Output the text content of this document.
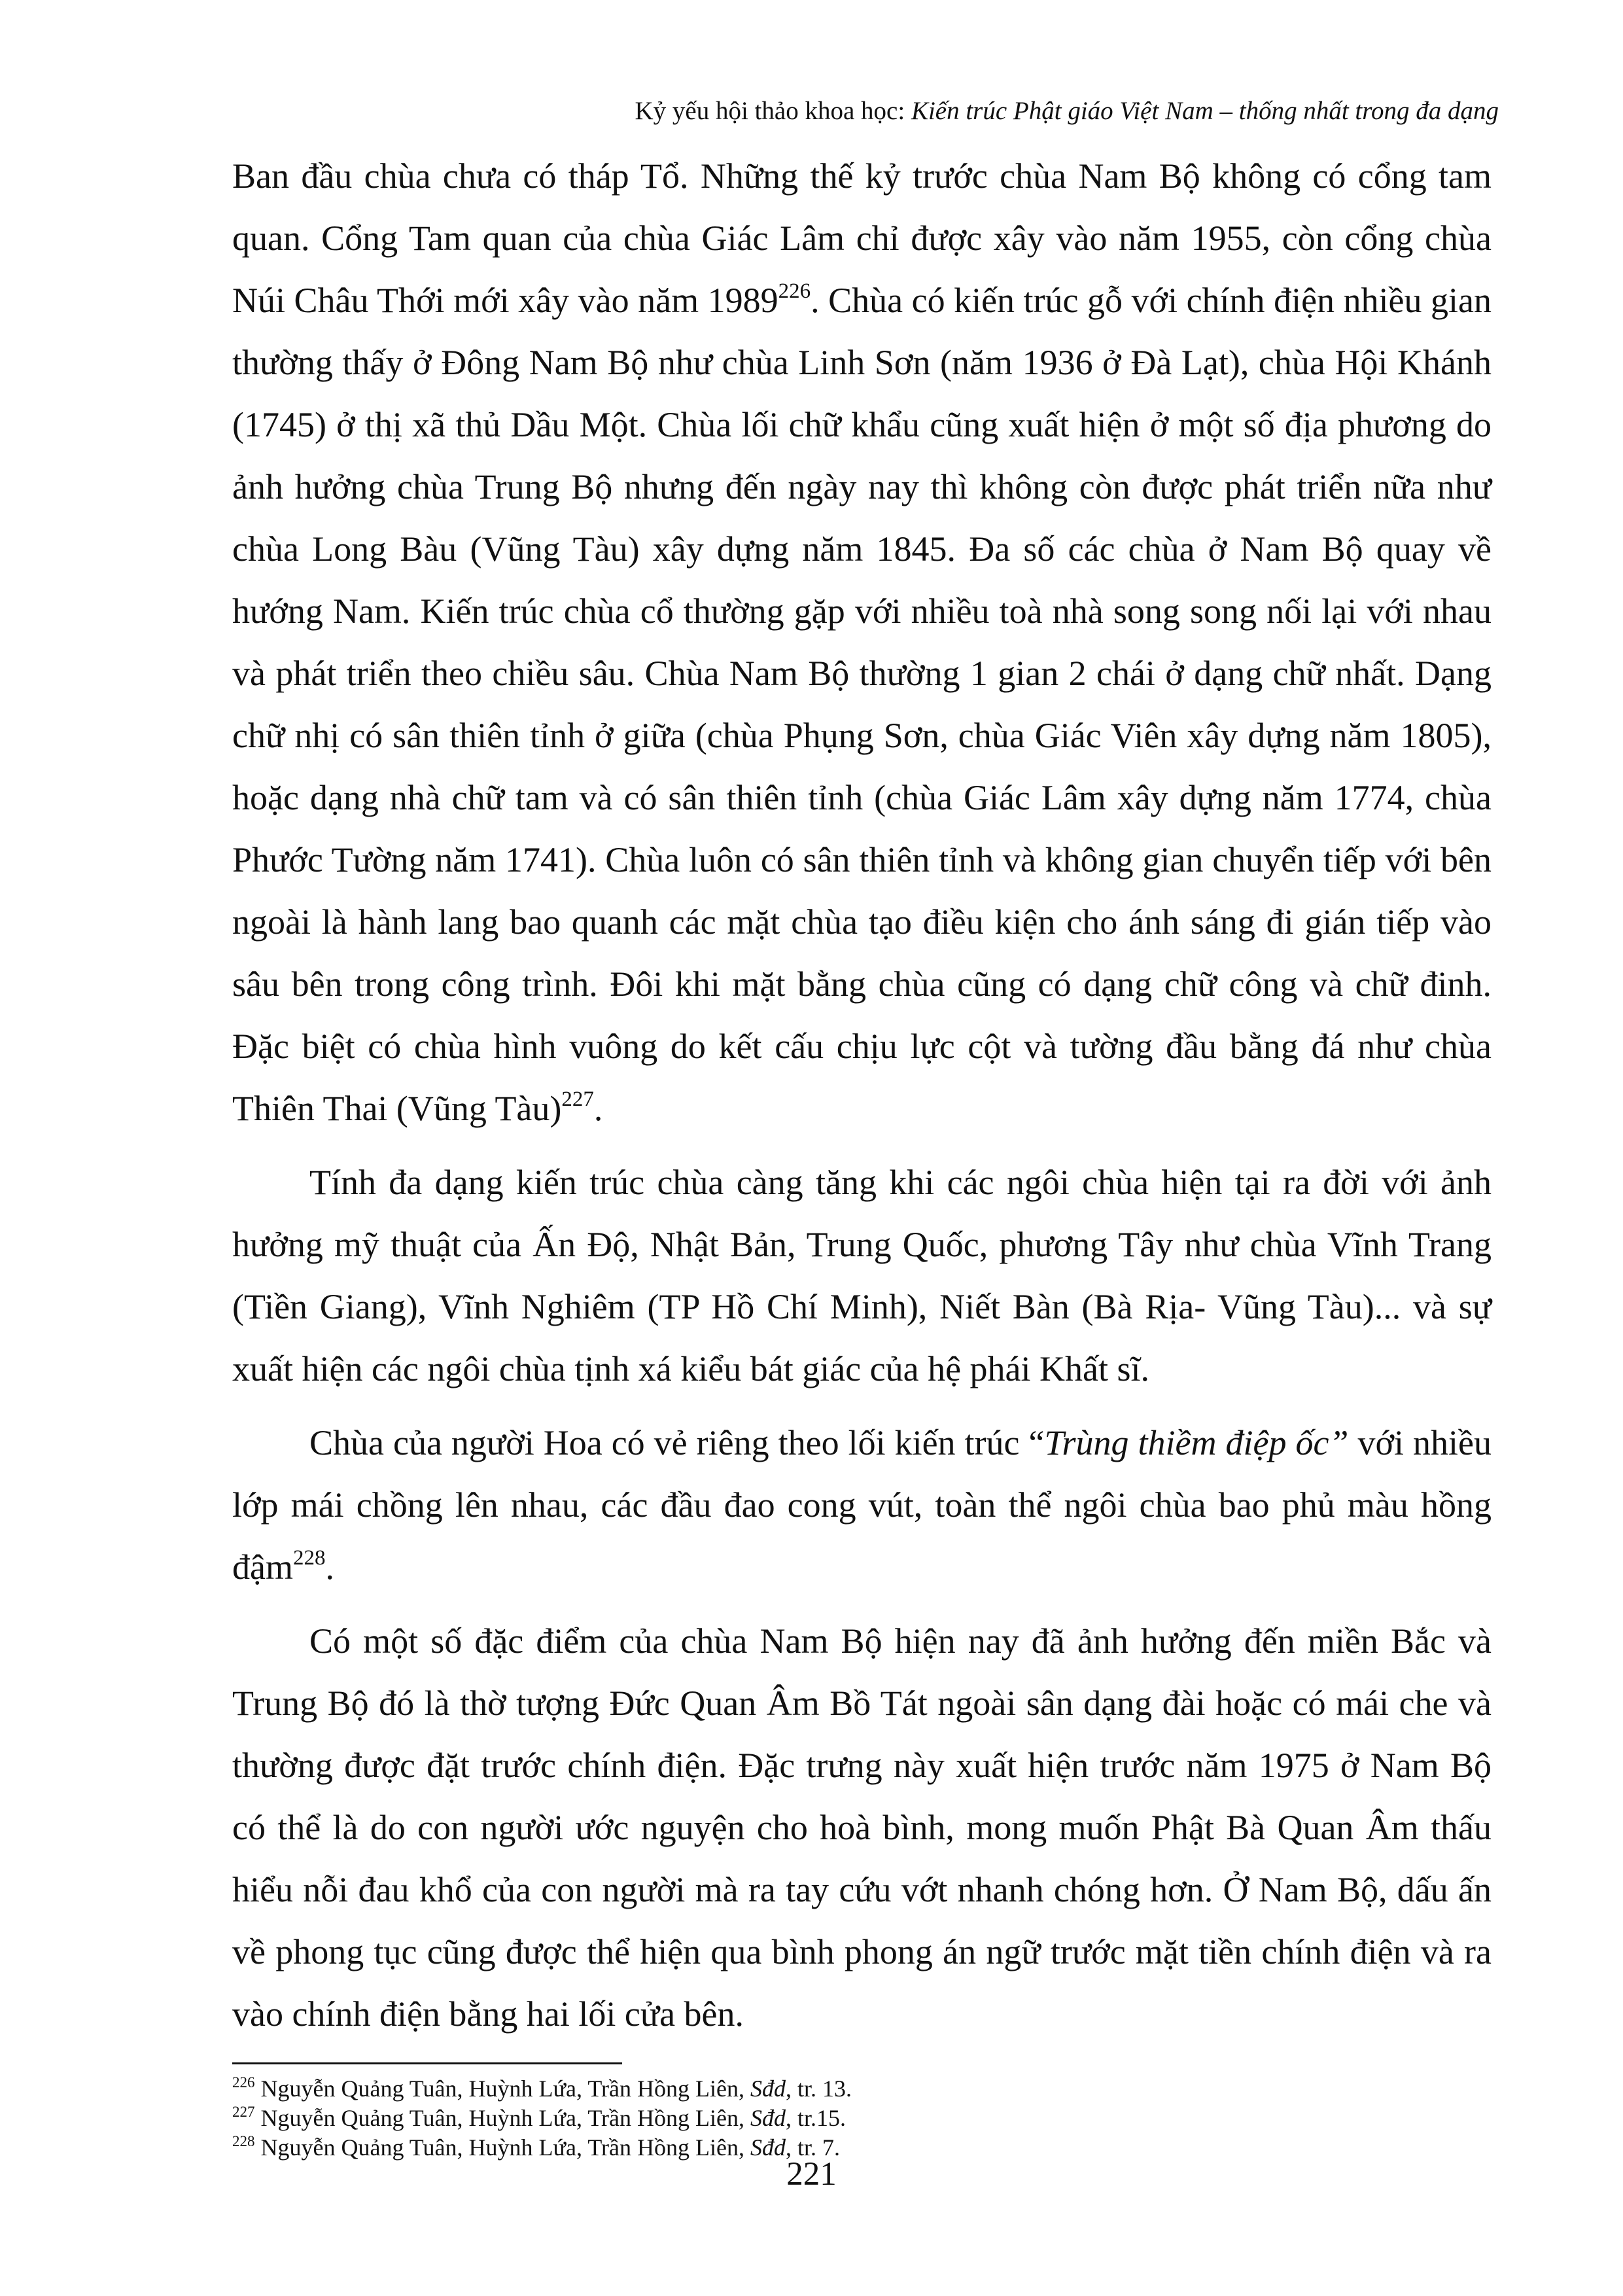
Kỷ yếu hội thảo khoa học: Kiến trúc Phật giáo Việt Nam – thống nhất trong đa dạng

Ban đầu chùa chưa có tháp Tổ. Những thế kỷ trước chùa Nam Bộ không có cổng tam quan. Cổng Tam quan của chùa Giác Lâm chỉ được xây vào năm 1955, còn cổng chùa Núi Châu Thới mới xây vào năm 1989$^{226}$. Chùa có kiến trúc gỗ với chính điện nhiều gian thường thấy ở Đông Nam Bộ như chùa Linh Sơn (năm 1936 ở Đà Lạt), chùa Hội Khánh (1745) ở thị xã thủ Dầu Một. Chùa lối chữ khẩu cũng xuất hiện ở một số địa phương do ảnh hưởng chùa Trung Bộ nhưng đến ngày nay thì không còn được phát triển nữa như chùa Long Bàu (Vũng Tàu) xây dựng năm 1845. Đa số các chùa ở Nam Bộ quay về hướng Nam. Kiến trúc chùa cổ thường gặp với nhiều toà nhà song song nối lại với nhau và phát triển theo chiều sâu. Chùa Nam Bộ thường 1 gian 2 chái ở dạng chữ nhất. Dạng chữ nhị có sân thiên tỉnh ở giữa (chùa Phụng Sơn, chùa Giác Viên xây dựng năm 1805), hoặc dạng nhà chữ tam và có sân thiên tỉnh (chùa Giác Lâm xây dựng năm 1774, chùa Phước Tường năm 1741). Chùa luôn có sân thiên tỉnh và không gian chuyển tiếp với bên ngoài là hành lang bao quanh các mặt chùa tạo điều kiện cho ánh sáng đi gián tiếp vào sâu bên trong công trình. Đôi khi mặt bằng chùa cũng có dạng chữ công và chữ đinh. Đặc biệt có chùa hình vuông do kết cấu chịu lực cột và tường đầu bằng đá như chùa Thiên Thai (Vũng Tàu)$^{227}$.

Tính đa dạng kiến trúc chùa càng tăng khi các ngôi chùa hiện tại ra đời với ảnh hưởng mỹ thuật của Ấn Độ, Nhật Bản, Trung Quốc, phương Tây như chùa Vĩnh Trang (Tiền Giang), Vĩnh Nghiêm (TP Hồ Chí Minh), Niết Bàn (Bà Rịa- Vũng Tàu)... và sự xuất hiện các ngôi chùa tịnh xá kiểu bát giác của hệ phái Khất sĩ.

Chùa của người Hoa có vẻ riêng theo lối kiến trúc “Trùng thiềm điệp ốc” với nhiều lớp mái chồng lên nhau, các đầu đao cong vút, toàn thể ngôi chùa bao phủ màu hồng đậm$^{228}$.

Có một số đặc điểm của chùa Nam Bộ hiện nay đã ảnh hưởng đến miền Bắc và Trung Bộ đó là thờ tượng Đức Quan Âm Bồ Tát ngoài sân dạng đài hoặc có mái che và thường được đặt trước chính điện. Đặc trưng này xuất hiện trước năm 1975 ở Nam Bộ có thể là do con người ước nguyện cho hoà bình, mong muốn Phật Bà Quan Âm thấu hiểu nỗi đau khổ của con người mà ra tay cứu vớt nhanh chóng hơn. Ở Nam Bộ, dấu ấn về phong tục cũng được thể hiện qua bình phong án ngữ trước mặt tiền chính điện và ra vào chính điện bằng hai lối cửa bên.

$^{226}$ Nguyễn Quảng Tuân, Huỳnh Lứa, Trần Hồng Liên, Sđd, tr. 13.
$^{227}$ Nguyễn Quảng Tuân, Huỳnh Lứa, Trần Hồng Liên, Sđd, tr.15.
$^{228}$ Nguyễn Quảng Tuân, Huỳnh Lứa, Trần Hồng Liên, Sđd, tr. 7.
221
